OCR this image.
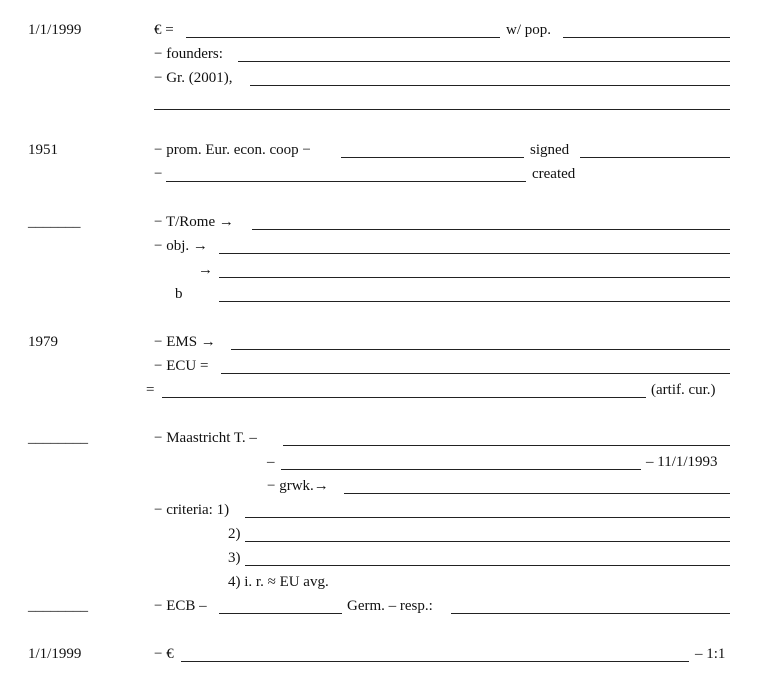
1/1/1999	€ =	w/ pop.
− founders:
− Gr. (2001),
1951	− prom. Eur. econ. coop −	signed
−	created
_______	− T/Rome →
− obj. →
→
b
1979	− EMS →
− ECU =
=	(artif. cur.)
________	− Maastricht T. –
–	– 11/1/1993
− grwk.→
− criteria: 1)
2)
3)
4) i. r. ≈ EU avg.
________	− ECB –	Germ. – resp.:
1/1/1999	− €	– 1:1
